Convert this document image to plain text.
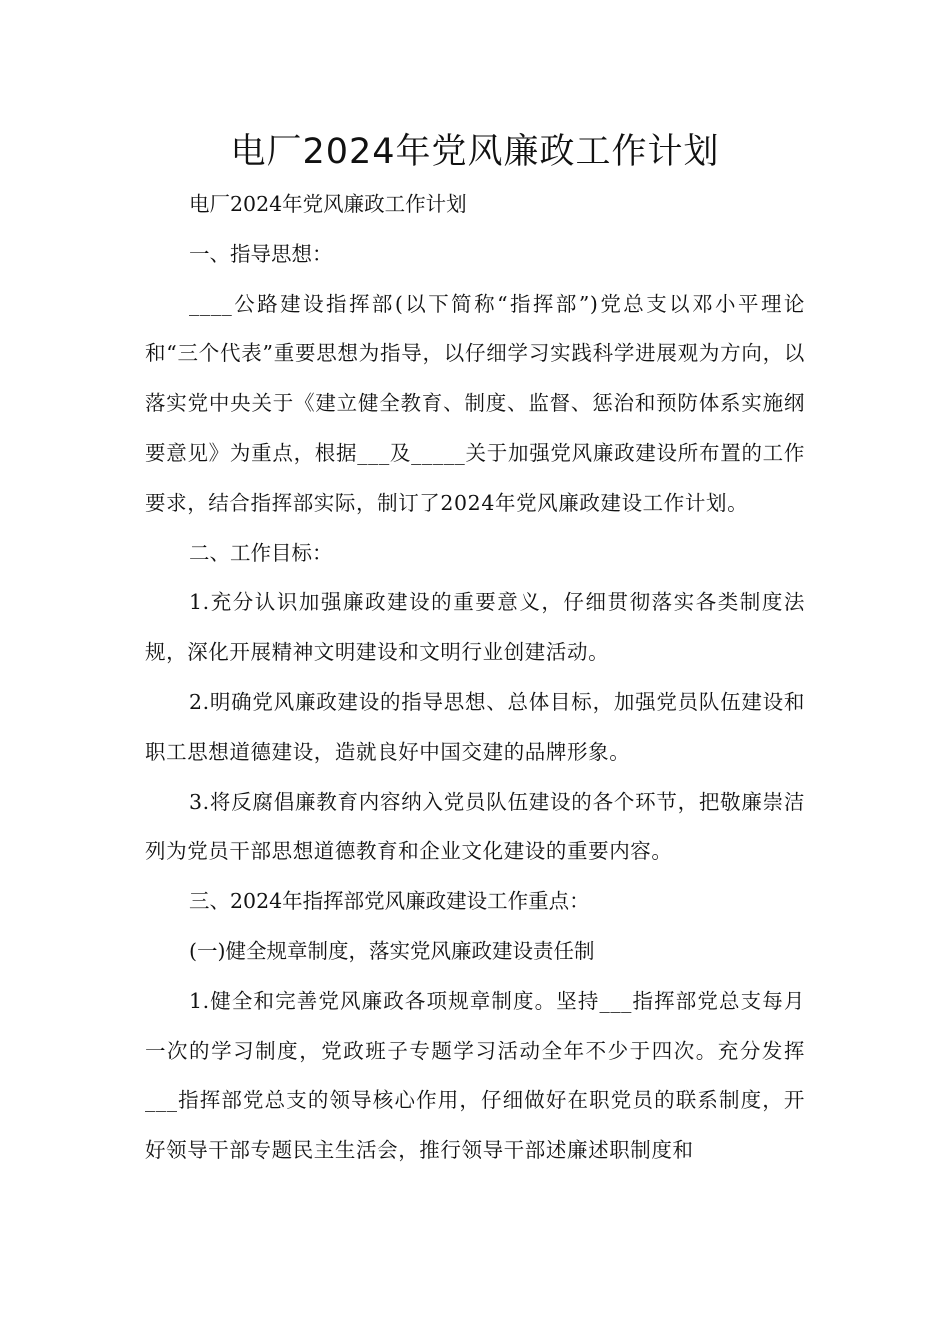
电厂2024年党风廉政工作计划

电厂2024年党风廉政工作计划

一、指导思想：

____公路建设指挥部(以下简称“指挥部”)党总支以邓小平理论和“三个代表”重要思想为指导，以仔细学习实践科学进展观为方向，以落实党中央关于《建立健全教育、制度、监督、惩治和预防体系实施纲要意见》为重点，根据___及_____关于加强党风廉政建设所布置的工作要求，结合指挥部实际，制订了2024年党风廉政建设工作计划。

二、工作目标：

1.充分认识加强廉政建设的重要意义，仔细贯彻落实各类制度法规，深化开展精神文明建设和文明行业创建活动。

2.明确党风廉政建设的指导思想、总体目标，加强党员队伍建设和职工思想道德建设，造就良好中国交建的品牌形象。

3.将反腐倡廉教育内容纳入党员队伍建设的各个环节，把敬廉崇洁列为党员干部思想道德教育和企业文化建设的重要内容。

三、2024年指挥部党风廉政建设工作重点：

(一)健全规章制度，落实党风廉政建设责任制

1.健全和完善党风廉政各项规章制度。坚持___指挥部党总支每月一次的学习制度，党政班子专题学习活动全年不少于四次。充分发挥___指挥部党总支的领导核心作用，仔细做好在职党员的联系制度，开好领导干部专题民主生活会，推行领导干部述廉述职制度和
